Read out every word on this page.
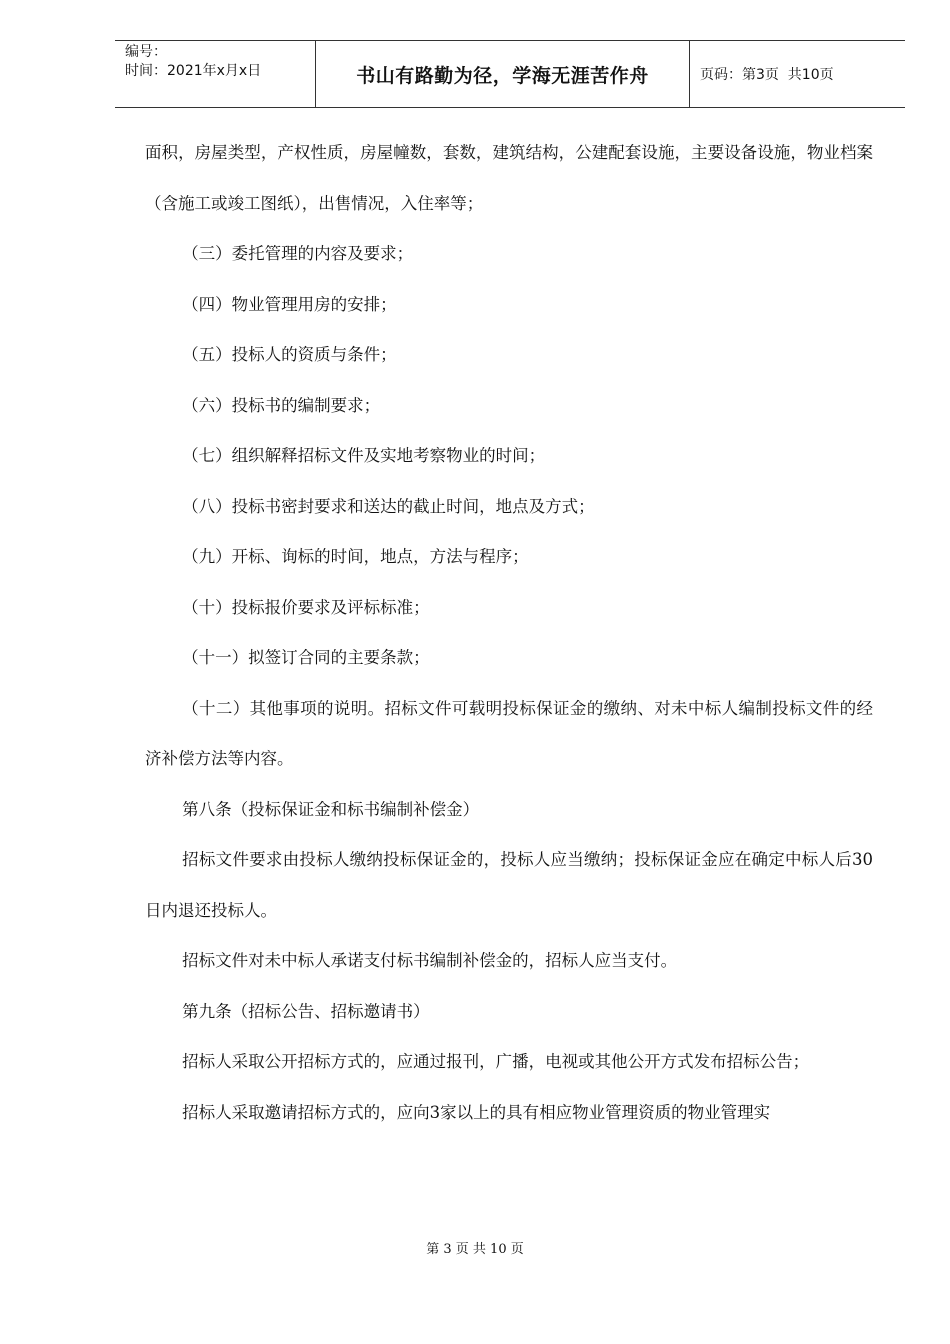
编号：
时间：2021年x月x日	书山有路勤为径，学海无涯苦作舟	页码：第3页  共10页

面积，房屋类型，产权性质，房屋幢数，套数，建筑结构，公建配套设施，主要设备设施，物业档案（含施工或竣工图纸），出售情况，入住率等；

（三）委托管理的内容及要求；

（四）物业管理用房的安排；

（五）投标人的资质与条件；

（六）投标书的编制要求；

（七）组织解释招标文件及实地考察物业的时间；

（八）投标书密封要求和送达的截止时间，地点及方式；

（九）开标、询标的时间，地点，方法与程序；

（十）投标报价要求及评标标准；

（十一）拟签订合同的主要条款；

（十二）其他事项的说明。招标文件可载明投标保证金的缴纳、对未中标人编制投标文件的经济补偿方法等内容。

第八条（投标保证金和标书编制补偿金）

招标文件要求由投标人缴纳投标保证金的，投标人应当缴纳；投标保证金应在确定中标人后30日内退还投标人。

招标文件对未中标人承诺支付标书编制补偿金的，招标人应当支付。

第九条（招标公告、招标邀请书）

招标人采取公开招标方式的，应通过报刊，广播，电视或其他公开方式发布招标公告；

招标人采取邀请招标方式的，应向3家以上的具有相应物业管理资质的物业管理实

第 3 页 共 10 页
